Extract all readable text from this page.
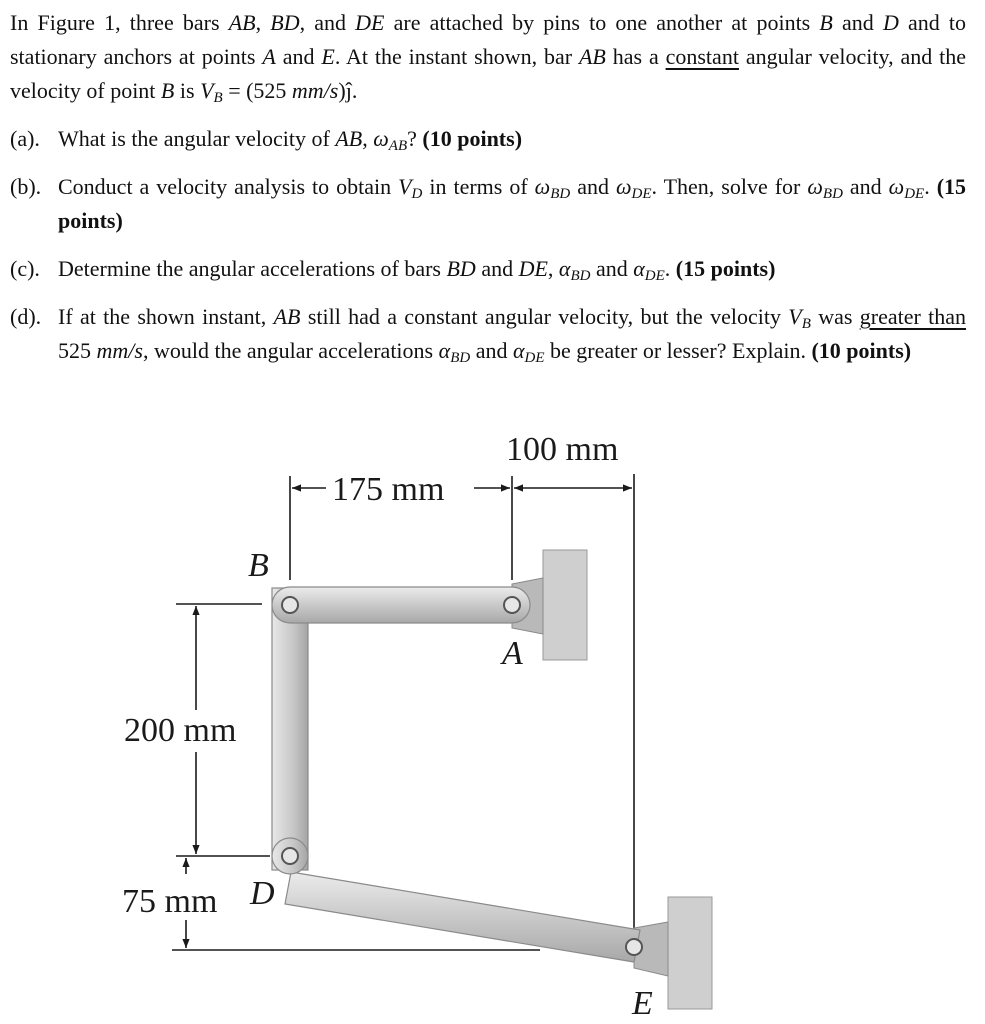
In Figure 1, three bars AB, BD, and DE are attached by pins to one another at points B and D and to stationary anchors at points A and E. At the instant shown, bar AB has a constant angular velocity, and the velocity of point B is $V_B = (525$ mm/s)ĵ.

(a). What is the angular velocity of AB, $\omega_{AB}$? (10 points)
(b). Conduct a velocity analysis to obtain $V_D$ in terms of $\omega_{BD}$ and $\omega_{DE}$. Then, solve for $\omega_{BD}$ and $\omega_{DE}$. (15 points)
(c). Determine the angular accelerations of bars BD and DE, $\alpha_{BD}$ and $\alpha_{DE}$. (15 points)
(d). If at the shown instant, AB still had a constant angular velocity, but the velocity $V_B$ was greater than 525 mm/s, would the angular accelerations $\alpha_{BD}$ and $\alpha_{DE}$ be greater or lesser? Explain. (10 points)
100 mm
175 mm
200 mm
75 mm
B
A
D
E
